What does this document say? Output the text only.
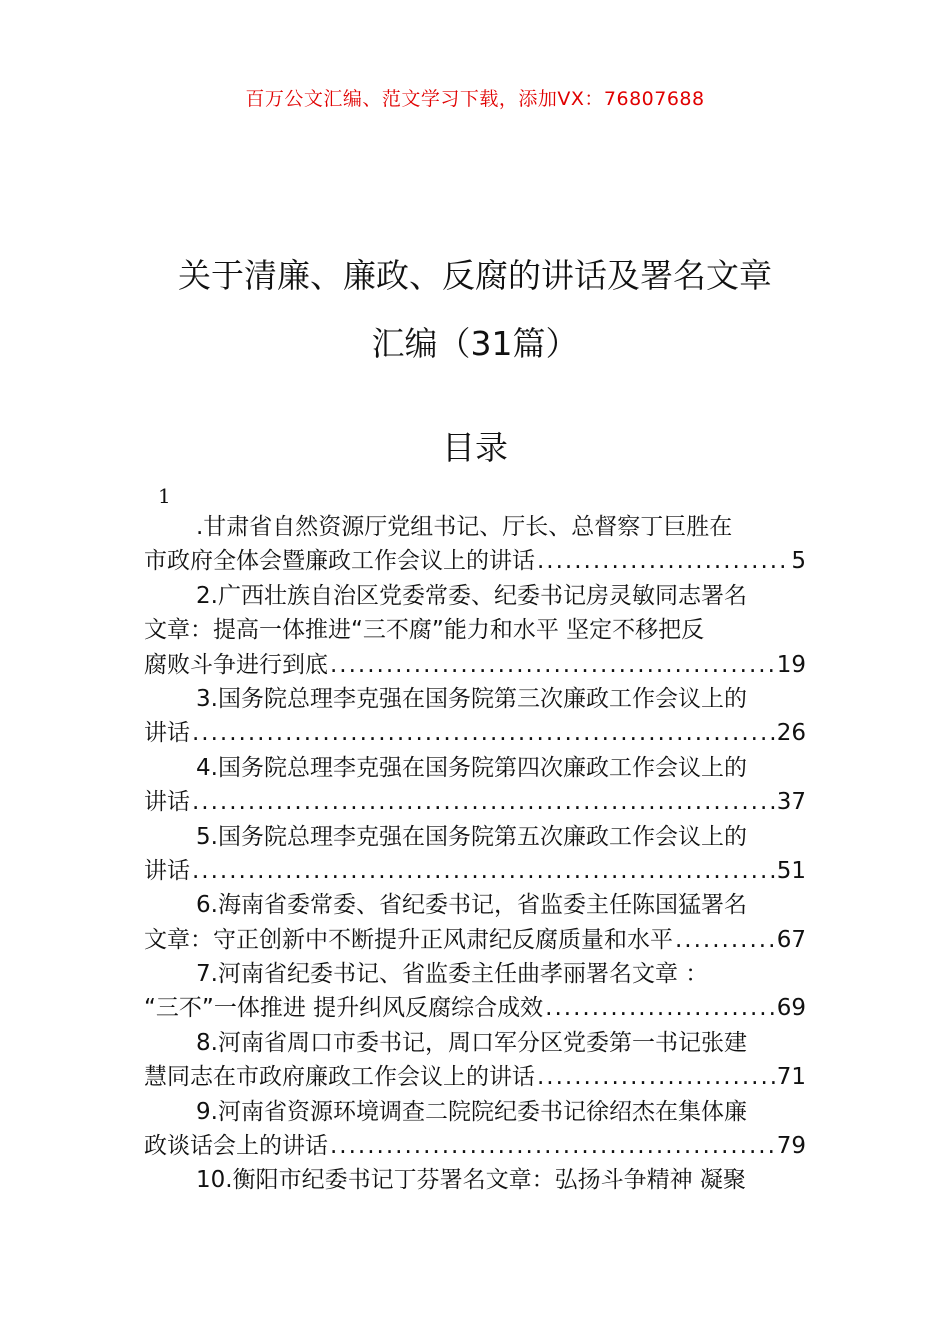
百万公文汇编、范文学习下载，添加VX：76807688
关于清廉、廉政、反腐的讲话及署名文章
汇编（31篇）
目录
1
.甘肃省自然资源厅党组书记、厅长、总督察丁巨胜在
市政府全体会暨廉政工作会议上的讲话 .....	5
2.广西壮族自治区党委常委、纪委书记房灵敏同志署名
文章：提高一体推进“三不腐”能力和水平 坚定不移把反
腐败斗争进行到底 .....	19
3.国务院总理李克强在国务院第三次廉政工作会议上的
讲话 .....	26
4.国务院总理李克强在国务院第四次廉政工作会议上的
讲话 .....	37
5.国务院总理李克强在国务院第五次廉政工作会议上的
讲话 .....	51
6.海南省委常委、省纪委书记，省监委主任陈国猛署名
文章：守正创新中不断提升正风肃纪反腐质量和水平 .....	67
7.河南省纪委书记、省监委主任曲孝丽署名文章 ：
“三不”一体推进 提升纠风反腐综合成效 .....	69
8.河南省周口市委书记，周口军分区党委第一书记张建
慧同志在市政府廉政工作会议上的讲话 .....	71
9.河南省资源环境调查二院院纪委书记徐绍杰在集体廉
政谈话会上的讲话 .....	79
10.衡阳市纪委书记丁芬署名文章：弘扬斗争精神 凝聚
